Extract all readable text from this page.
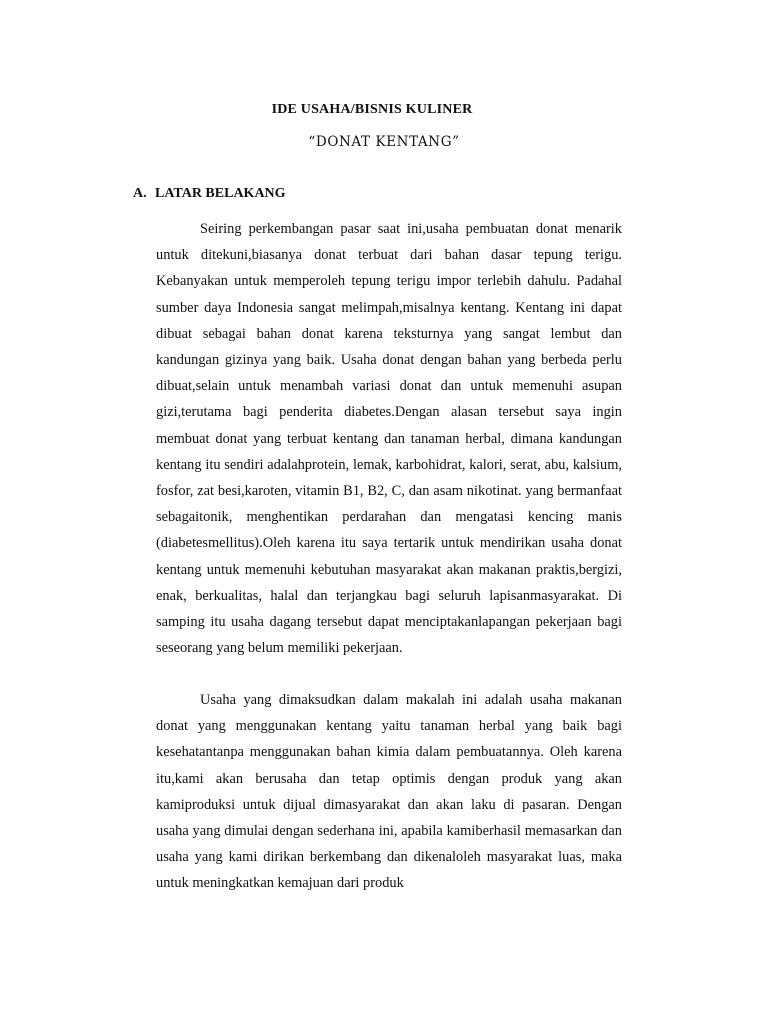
IDE USAHA/BISNIS KULINER
“DONAT KENTANG”
A. LATAR BELAKANG

Seiring perkembangan pasar saat ini,usaha pembuatan donat menarik untuk ditekuni,biasanya donat terbuat dari bahan dasar tepung terigu. Kebanyakan untuk memperoleh tepung terigu impor terlebih dahulu. Padahal sumber daya Indonesia sangat melimpah,misalnya kentang. Kentang ini dapat dibuat sebagai bahan donat karena teksturnya yang sangat lembut dan kandungan gizinya yang baik. Usaha donat dengan bahan yang berbeda perlu dibuat,selain untuk menambah variasi donat dan untuk memenuhi asupan gizi,terutama bagi penderita diabetes.Dengan alasan tersebut saya ingin membuat donat yang terbuat kentang dan tanaman herbal, dimana kandungan kentang itu sendiri adalahprotein, lemak, karbohidrat, kalori, serat, abu, kalsium, fosfor, zat besi,karoten, vitamin B1, B2, C, dan asam nikotinat. yang bermanfaat sebagaitonik, menghentikan perdarahan dan mengatasi kencing manis (diabetesmellitus).Oleh karena itu saya tertarik untuk mendirikan usaha donat kentang untuk memenuhi kebutuhan masyarakat akan makanan praktis,bergizi, enak, berkualitas, halal dan terjangkau bagi seluruh lapisanmasyarakat. Di samping itu usaha dagang tersebut dapat menciptakanlapangan pekerjaan bagi seseorang yang belum memiliki pekerjaan.

Usaha yang dimaksudkan dalam makalah ini adalah usaha makanan donat yang menggunakan kentang yaitu tanaman herbal yang baik bagi kesehatantanpa menggunakan bahan kimia dalam pembuatannya. Oleh karena itu,kami akan berusaha dan tetap optimis dengan produk yang akan kamiproduksi untuk dijual dimasyarakat dan akan laku di pasaran. Dengan usaha yang dimulai dengan sederhana ini, apabila kamiberhasil memasarkan dan usaha yang kami dirikan berkembang dan dikenaloleh masyarakat luas, maka untuk meningkatkan kemajuan dari produk
